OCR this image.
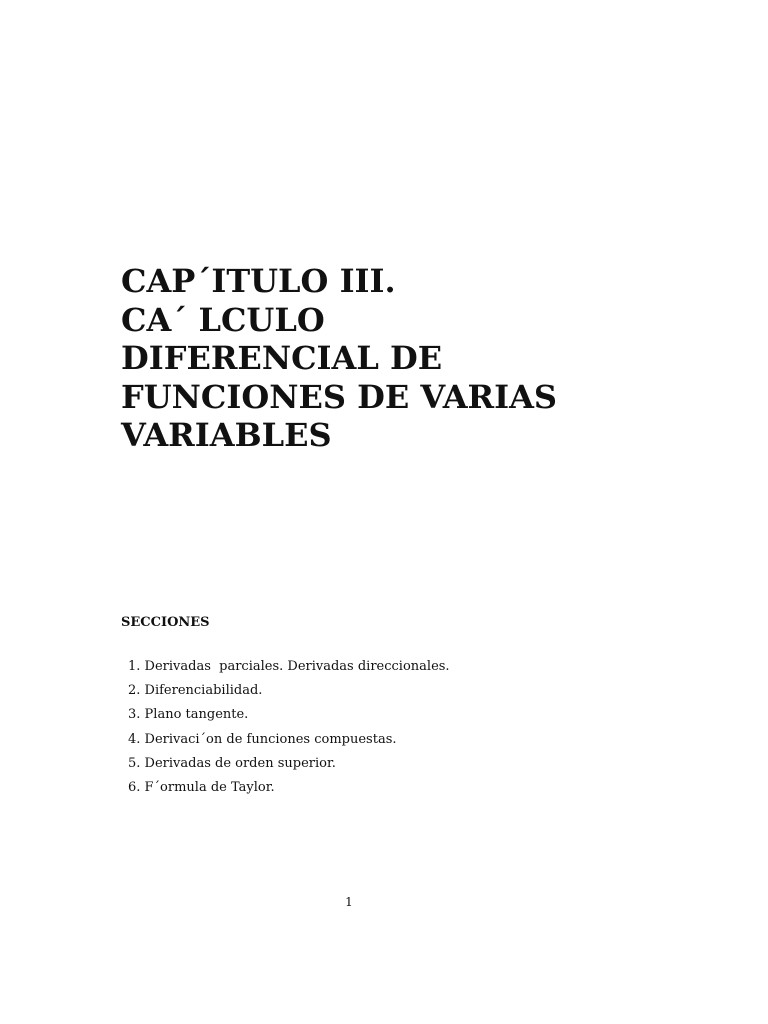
CAP´ITULO III.
CA´ LCULO
DIFERENCIAL DE
FUNCIONES DE VARIAS
VARIABLES
SECCIONES
1. Derivadas  parciales. Derivadas direccionales.
2. Diferenciabilidad.
3. Plano tangente.
4. Derivaci´on de funciones compuestas.
5. Derivadas de orden superior.
6. F´ormula de Taylor.
1
